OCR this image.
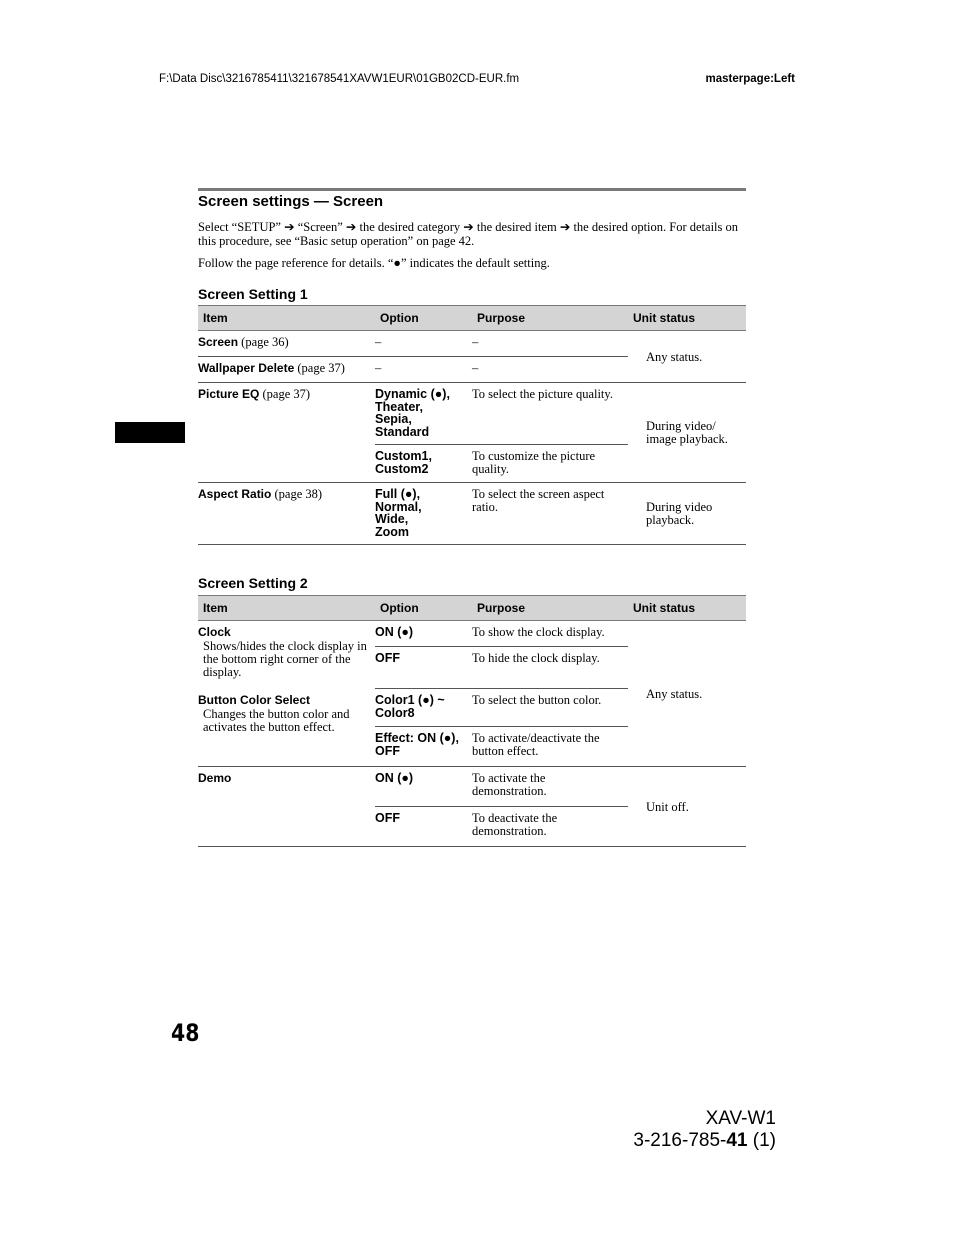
F:\Data Disc\3216785411\321678541XAVW1EUR\01GB02CD-EUR.fm	masterpage:Left
Screen settings — Screen
Select “SETUP” ➔ “Screen” ➔ the desired category ➔ the desired item ➔ the desired option. For details on this procedure, see “Basic setup operation” on page 42.
Follow the page reference for details. “●” indicates the default setting.
Screen Setting 1
Item	Option	Purpose	Unit status
Screen (page 36)	–	–	Any status.
Wallpaper Delete (page 37)	–	–	
Picture EQ (page 37)	Dynamic (●),
Theater,
Sepia,
Standard	To select the picture quality.	During video/ image playback.

	Custom1,
Custom2	To customize the picture quality.	
Aspect Ratio (page 38)	Full (●),
Normal,
Wide,
Zoom	To select the screen aspect ratio.	During video playback.
Screen Setting 2
Item	Option	Purpose	Unit status

Clock
Shows/hides the clock display in the bottom right corner of the display.	ON (●)	To show the clock display.	Any status.
	OFF	To hide the clock display.	

Button Color Select
Changes the button color and activates the button effect.	Color1 (●) ~ Color8	To select the button color.	
	Effect: ON (●), OFF	To activate/deactivate the button effect.	
Demo	ON (●)	To activate the demonstration.	Unit off.
	OFF	To deactivate the demonstration.	
48
XAV-W1
3-216-785-41 (1)
